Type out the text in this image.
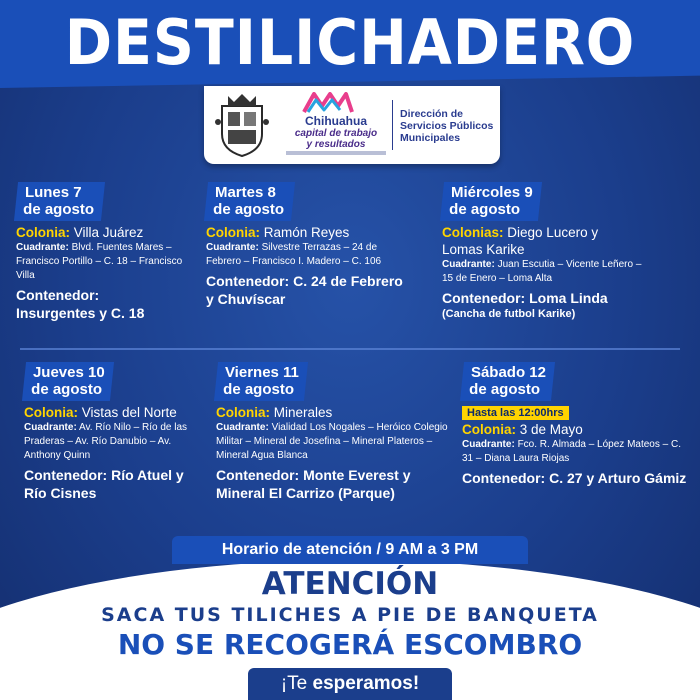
DESTILICHADERO
Chihuahua
capital de trabajo
y resultados
Dirección de Servicios Públicos Municipales
Lunes 7
de agosto
Colonia: Villa Juárez
Cuadrante: Blvd. Fuentes Mares – Francisco Portillo – C. 18 – Francisco Villa
Contenedor:
Insurgentes y C. 18
Martes 8
de agosto
Colonia: Ramón Reyes
Cuadrante: Silvestre Terrazas – 24 de Febrero – Francisco I. Madero – C. 106
Contenedor: C. 24 de Febrero y Chuvíscar
Miércoles 9
de agosto
Colonias: Diego Lucero y Lomas Karike
Cuadrante: Juan Escutia – Vicente Leñero – 15 de Enero – Loma Alta
Contenedor: Loma Linda
(Cancha de futbol Karike)
Jueves 10
de agosto
Colonia: Vistas del Norte
Cuadrante: Av. Río Nilo – Río de las Praderas – Av. Río Danubio – Av. Anthony Quinn
Contenedor: Río Atuel y Río Cisnes
Viernes 11
de agosto
Colonia: Minerales
Cuadrante: Vialidad Los Nogales – Heróico Colegio Militar – Mineral de Josefina – Mineral Plateros – Mineral Agua Blanca
Contenedor: Monte Everest y Mineral El Carrizo (Parque)
Sábado 12
de agosto
Hasta las 12:00hrs
Colonia: 3 de Mayo
Cuadrante: Fco. R. Almada – López Mateos – C. 31 – Diana Laura Riojas
Contenedor: C. 27 y Arturo Gámiz
Horario de atención / 9 AM a 3 PM
ATENCIÓN
SACA TUS TILICHES A PIE DE BANQUETA
NO SE RECOGERÁ ESCOMBRO
¡Te esperamos!
